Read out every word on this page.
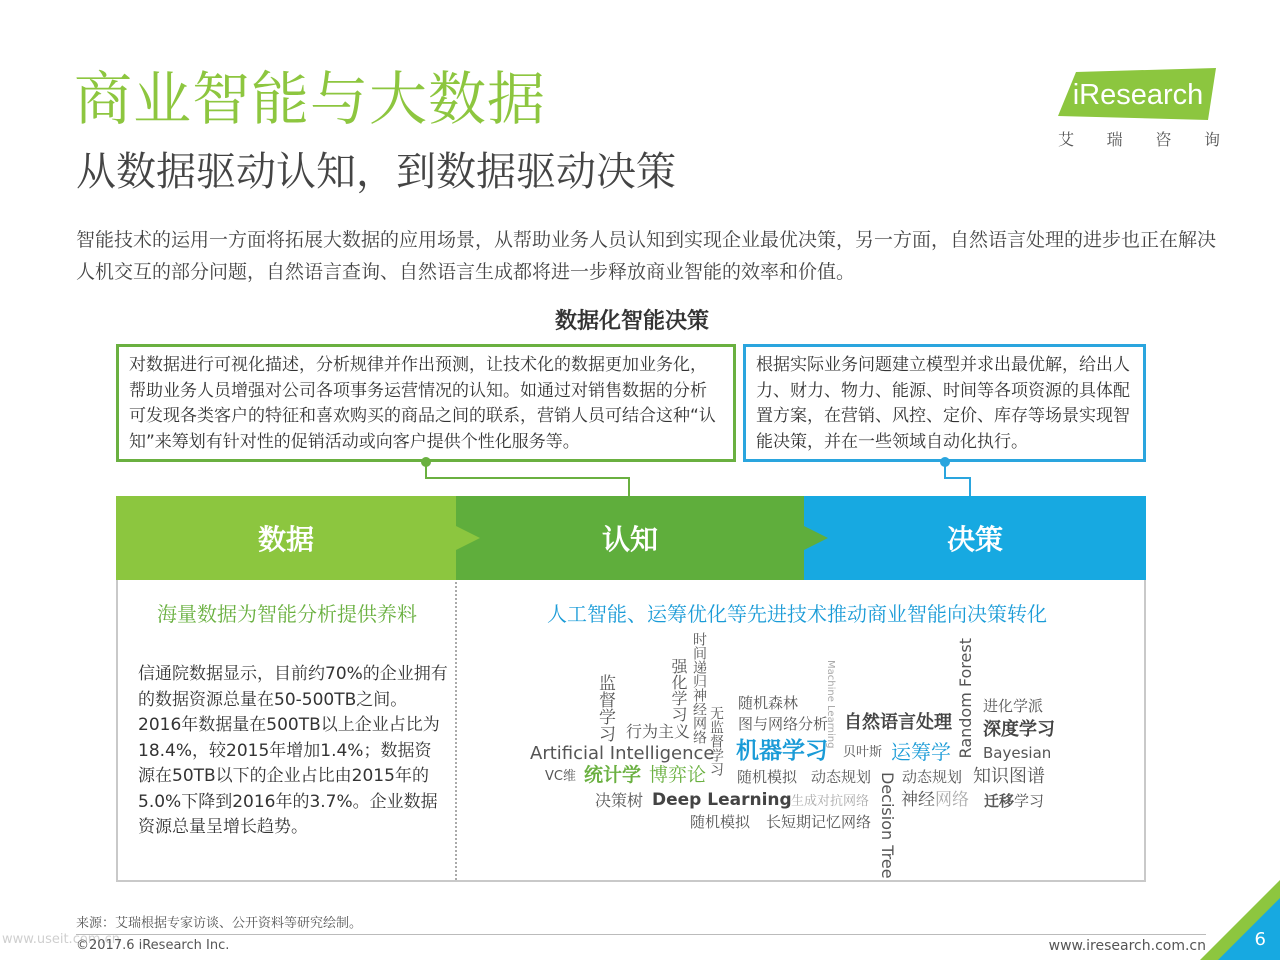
商业智能与大数据
从数据驱动认知，到数据驱动决策
智能技术的运用一方面将拓展大数据的应用场景，从帮助业务人员认知到实现企业最优决策，另一方面，自然语言处理的进步也正在解决人机交互的部分问题，自然语言查询、自然语言生成都将进一步释放商业智能的效率和价值。
iResearch
艾 瑞 咨 询
数据化智能决策
对数据进行可视化描述，分析规律并作出预测，让技术化的数据更加业务化，帮助业务人员增强对公司各项事务运营情况的认知。如通过对销售数据的分析可发现各类客户的特征和喜欢购买的商品之间的联系，营销人员可结合这种“认知”来筹划有针对性的促销活动或向客户提供个性化服务等。
根据实际业务问题建立模型并求出最优解，给出人力、财力、物力、能源、时间等各项资源的具体配置方案，在营销、风控、定价、库存等场景实现智能决策，并在一些领域自动化执行。
数据	认知	决策
海量数据为智能分析提供养料
信通院数据显示，目前约70%的企业拥有的数据资源总量在50-500TB之间。2016年数据量在500TB以上企业占比为18.4%，较2015年增加1.4%；数据资源在50TB以下的企业占比由2015年的5.0%下降到2016年的3.7%。企业数据资源总量呈增长趋势。
人工智能、运筹优化等先进技术推动商业智能向决策转化
监督学习 行为主义
强化学习 时间递归神经网络 无监督学习
随机森林
图与网络分析
Machine Learning 自然语言处理 Random Forest 进化学派
深度学习
Artificial Intelligence 机器学习 贝叶斯 运筹学 Bayesian
VC维 统计学 博弈论 随机模拟 动态规划 Decision Tree 动态规划 知识图谱
决策树 Deep Learning 生成对抗网络 神经网络 迁移学习
随机模拟 长短期记忆网络
来源：艾瑞根据专家访谈、公开资料等研究绘制。
www.useit.com.cn
©2017.6 iResearch Inc.	www.iresearch.com.cn	6
